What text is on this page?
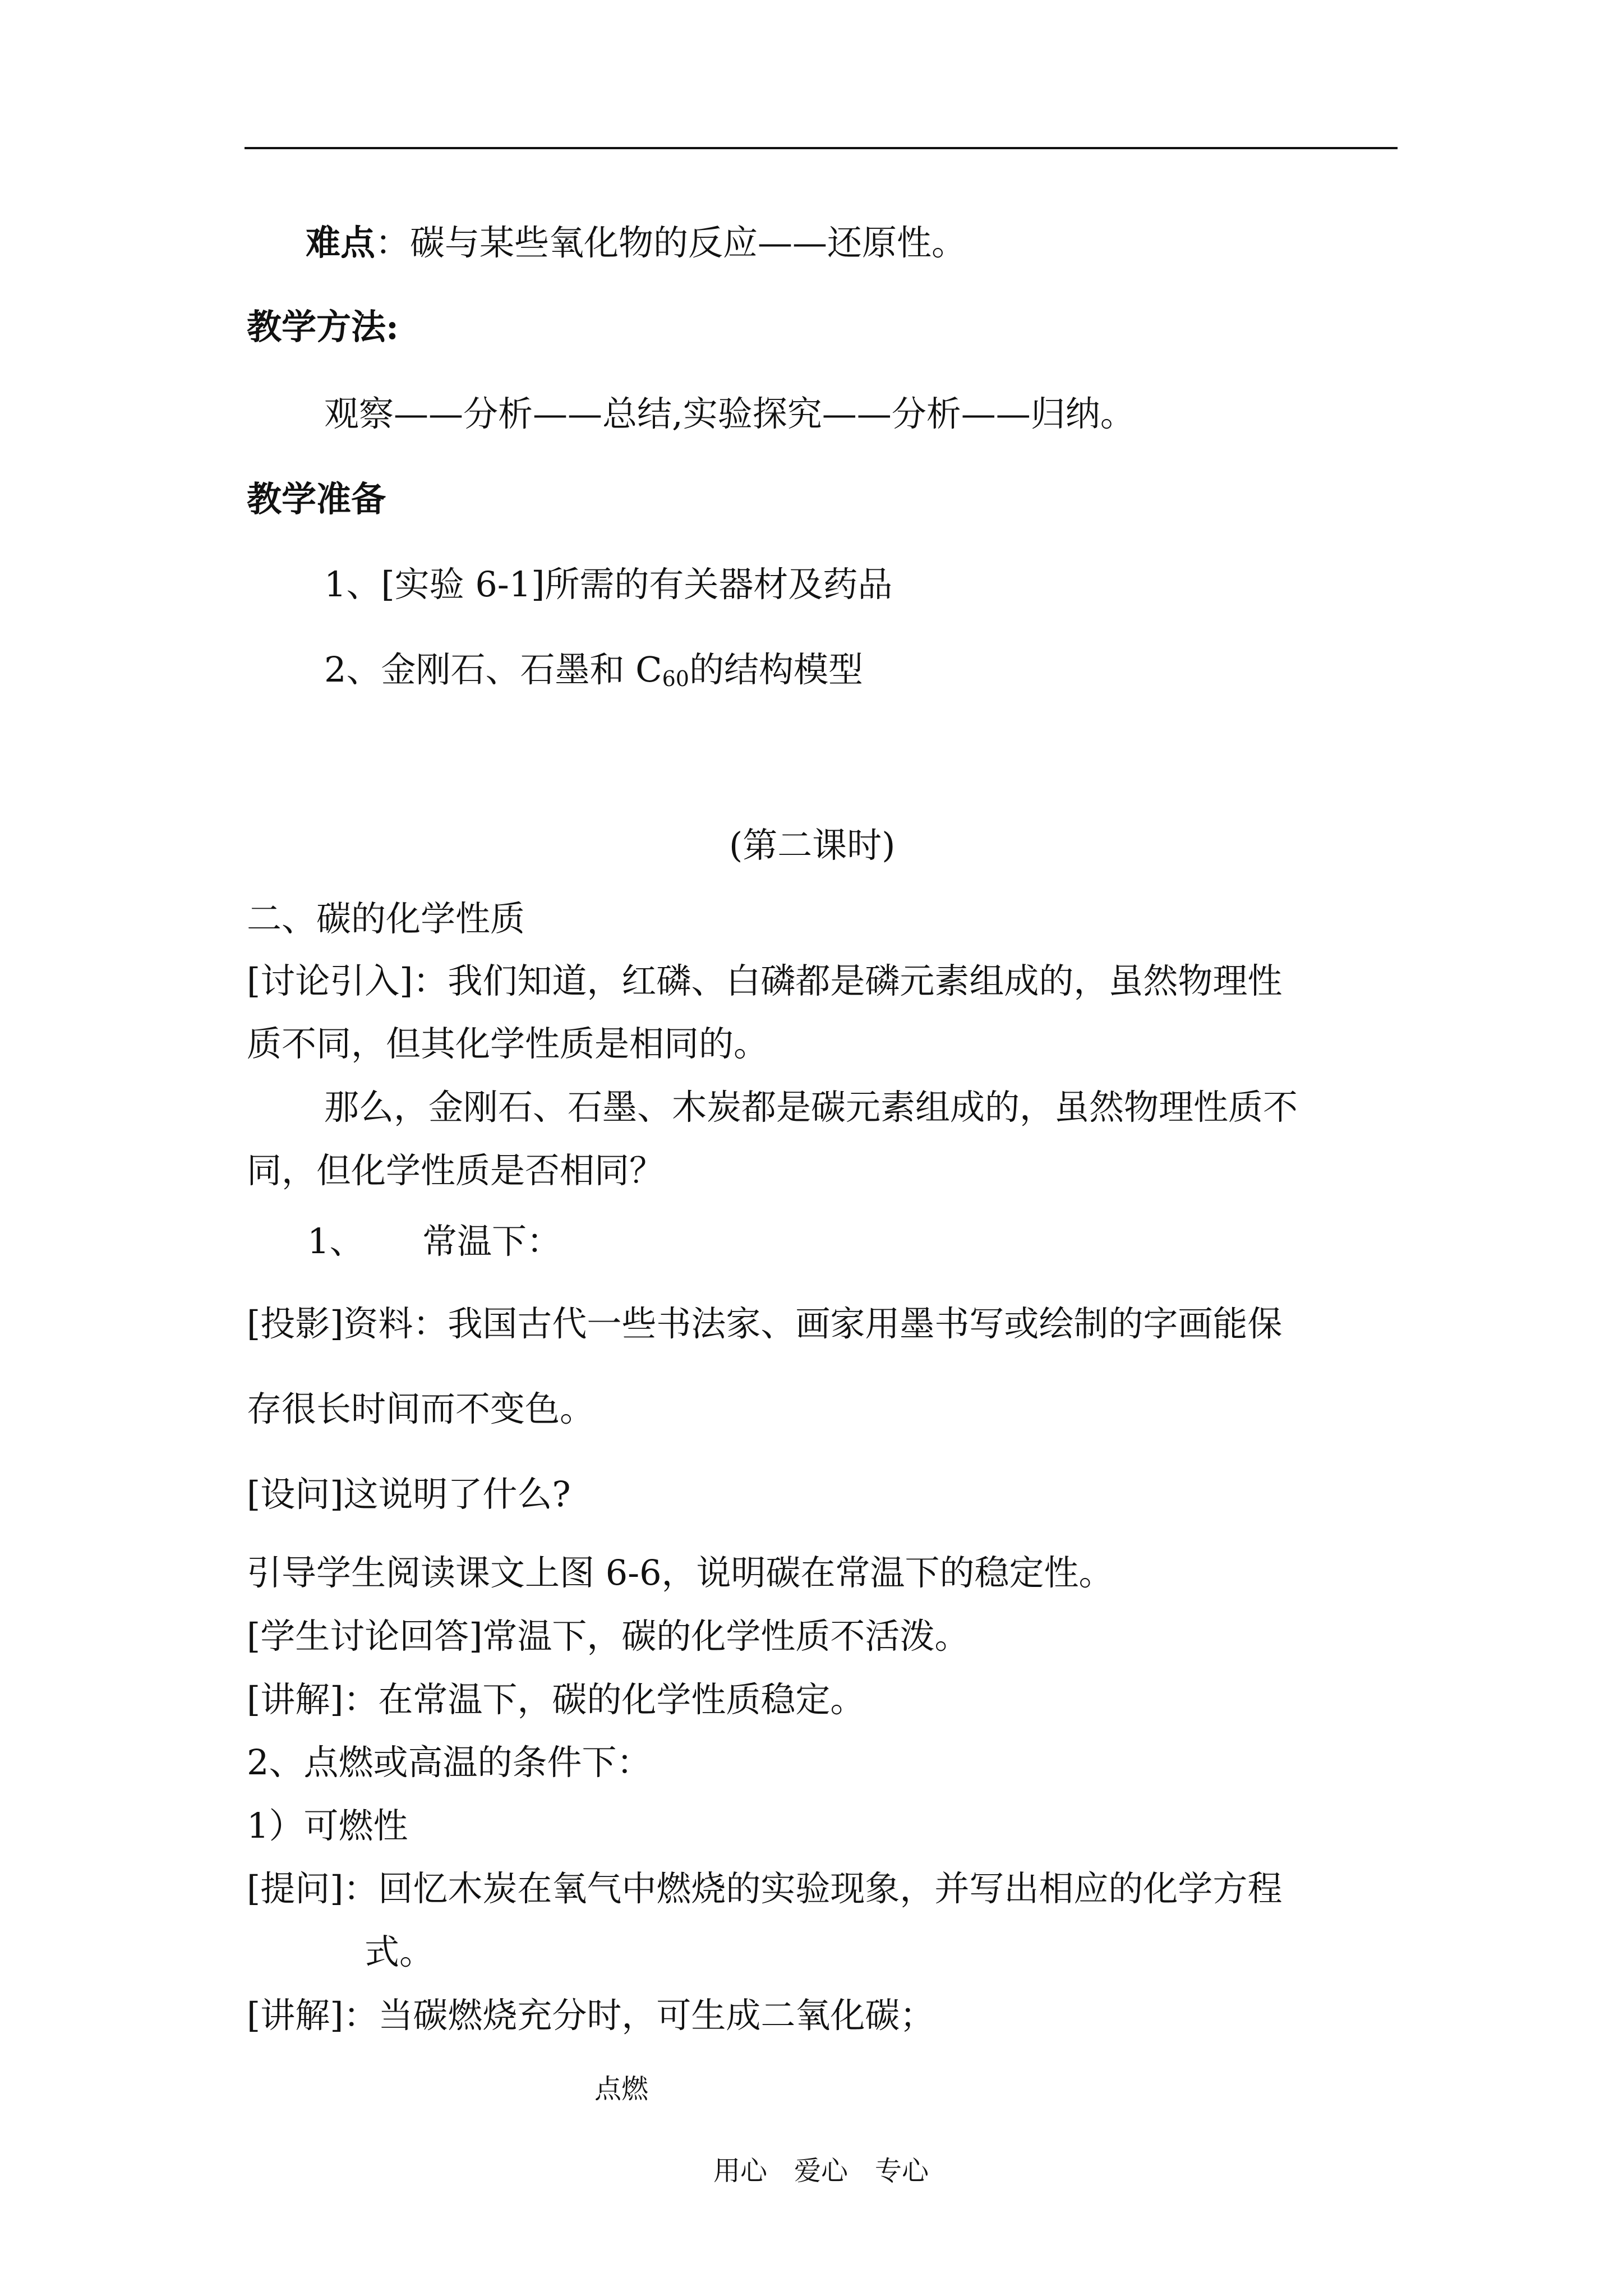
难点：碳与某些氧化物的反应——还原性。
教学方法:
观察——分析——总结,实验探究——分析——归纳。
教学准备
1、[实验 6-1]所需的有关器材及药品
2、金刚石、石墨和 $C_{60}$的结构模型
(第二课时)
二、碳的化学性质
[讨论引入]：我们知道，红磷、白磷都是磷元素组成的，虽然物理性
质不同，但其化学性质是相同的。
那么，金刚石、石墨、木炭都是碳元素组成的，虽然物理性质不
同，但化学性质是否相同？
1、 常温下：
[投影]资料：我国古代一些书法家、画家用墨书写或绘制的字画能保
存很长时间而不变色。
[设问]这说明了什么?
引导学生阅读课文上图 6-6，说明碳在常温下的稳定性。
[学生讨论回答]常温下，碳的化学性质不活泼。
[讲解]：在常温下，碳的化学性质稳定。
2、点燃或高温的条件下：
1）可燃性
[提问]：回忆木炭在氧气中燃烧的实验现象，并写出相应的化学方程
式。
[讲解]：当碳燃烧充分时，可生成二氧化碳；
点燃
用心　爱心　专心
